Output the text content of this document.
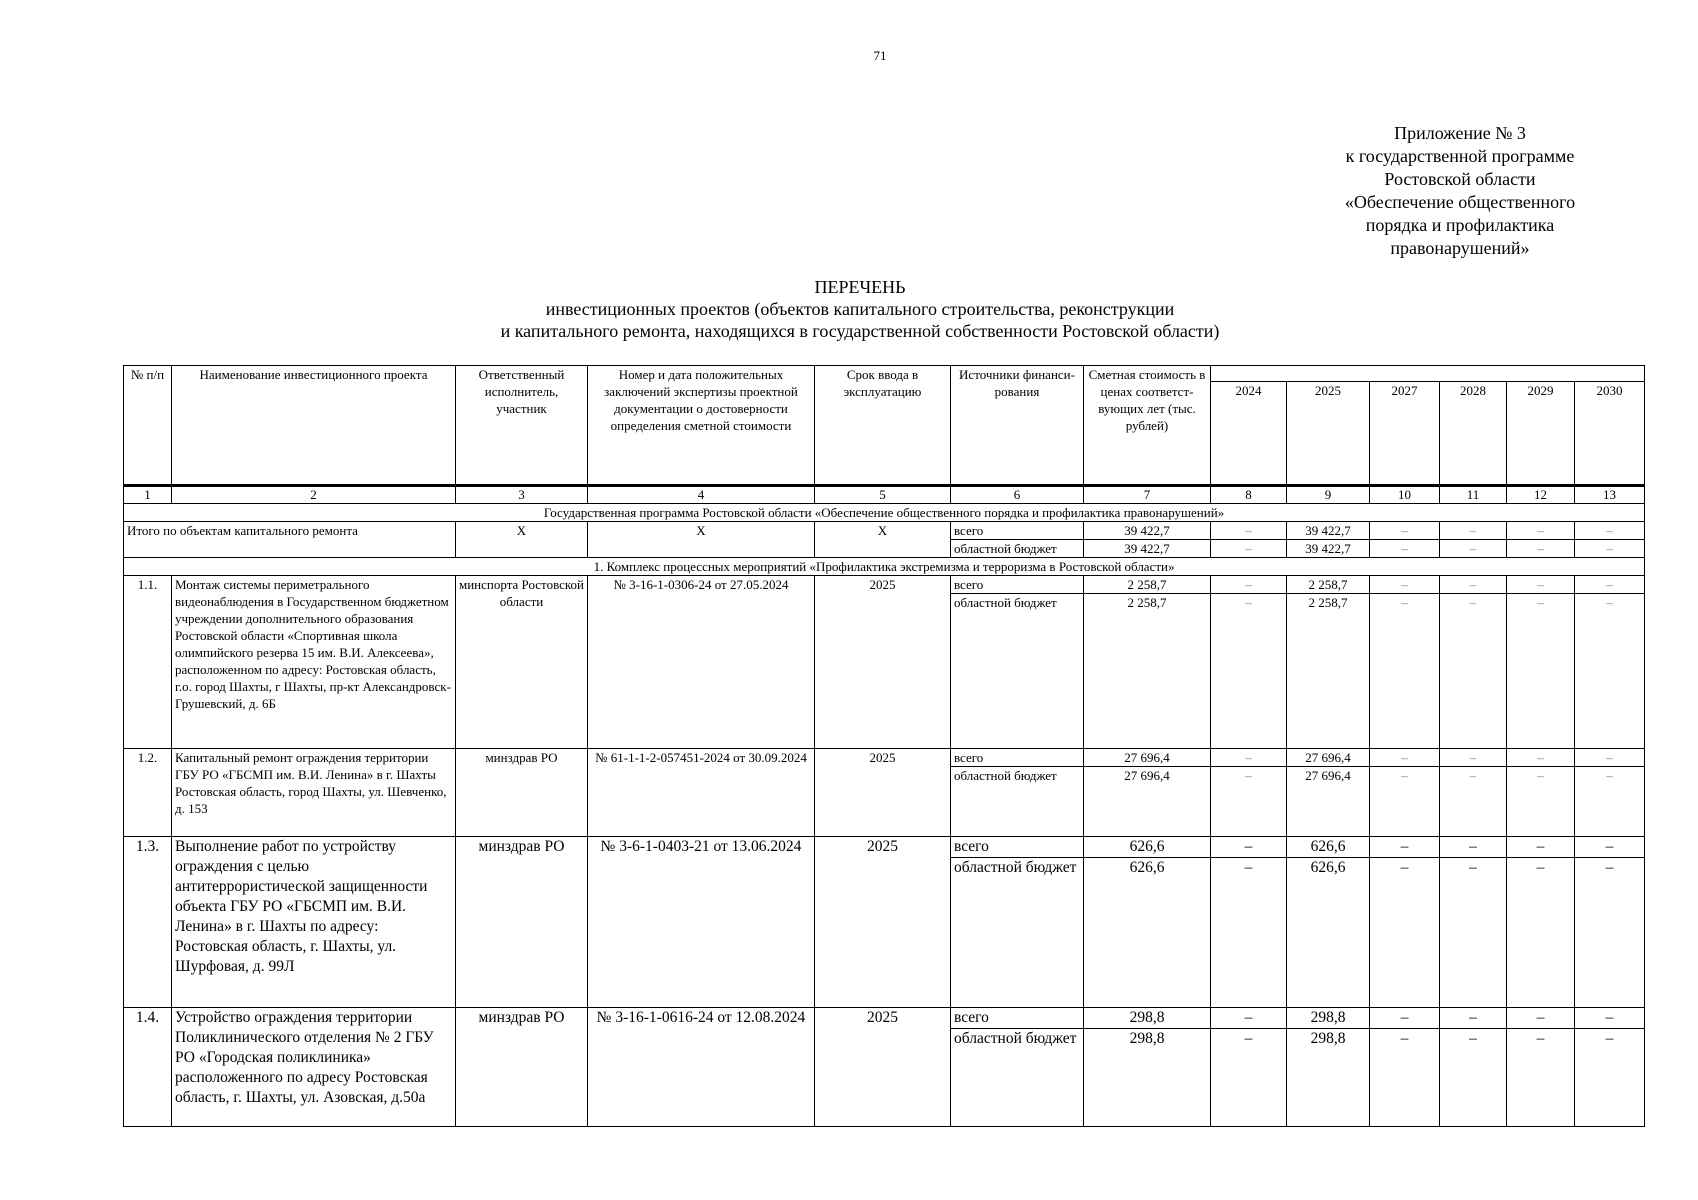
71
Приложение № 3
к государственной программе
Ростовской области
«Обеспечение общественного
порядка и профилактика
правонарушений»
ПЕРЕЧЕНЬ
инвестиционных проектов (объектов капитального строительства, реконструкции
и капитального ремонта, находящихся в государственной собственности Ростовской области)
№ п/п	Наименование инвестиционного проекта	Ответственный исполнитель, участник	Номер и дата положительных заключений экспертизы проектной документации о достоверности определения сметной стоимости	Срок ввода в эксплуатацию	Источники финанси-рования	Сметная стоимость в ценах соответст-вующих лет (тыс. рублей)						
							2024	2025	2027	2028	2029	2030
1	2	3	4	5	6	7	8	9	10	11	12	13
Государственная программа Ростовской области «Обеспечение общественного порядка и профилактика правонарушений»												
Итого по объектам капитального ремонта		Х	Х	Х	всего	39 422,7	–	39 422,7	–	–	–	–
					областной бюджет	39 422,7	–	39 422,7	–	–	–	–
1. Комплекс процессных мероприятий «Профилактика экстремизма и терроризма в Ростовской области»												
1.1.	Монтаж системы периметрального видеонаблюдения в Государственном бюджетном учреждении дополнительного образования Ростовской области «Спортивная школа олимпийского резерва 15 им. В.И. Алексеева», расположенном по адресу: Ростовская область, г.о. город Шахты, г Шахты, пр-кт Александровск-Грушевский, д. 6Б	минспорта Ростовской области	№ 3-16-1-0306-24 от 27.05.2024	2025	всего	2 258,7	–	2 258,7	–	–	–	–
					областной бюджет	2 258,7	–	2 258,7	–	–	–	–
1.2.	Капитальный ремонт ограждения территории ГБУ РО «ГБСМП им. В.И. Ленина» в г. Шахты Ростовская область, город Шахты, ул. Шевченко, д. 153	минздрав РО	№ 61-1-1-2-057451-2024 от 30.09.2024	2025	всего	27 696,4	–	27 696,4	–	–	–	–
					областной бюджет	27 696,4	–	27 696,4	–	–	–	–
1.3.	Выполнение работ по устройству ограждения с целью антитеррористической защищенности объекта ГБУ РО «ГБСМП им. В.И. Ленина» в г. Шахты по адресу: Ростовская область, г. Шахты, ул. Шурфовая, д. 99Л	минздрав РО	№ 3-6-1-0403-21 от 13.06.2024	2025	всего	626,6	–	626,6	–	–	–	–
					областной бюджет	626,6	–	626,6	–	–	–	–
1.4.	Устройство ограждения территории Поликлинического отделения № 2 ГБУ РО «Городская поликлиника» расположенного по адресу Ростовская область, г. Шахты, ул. Азовская, д.50а	минздрав РО	№ 3-16-1-0616-24 от 12.08.2024	2025	всего	298,8	–	298,8	–	–	–	–
					областной бюджет	298,8	–	298,8	–	–	–	–
